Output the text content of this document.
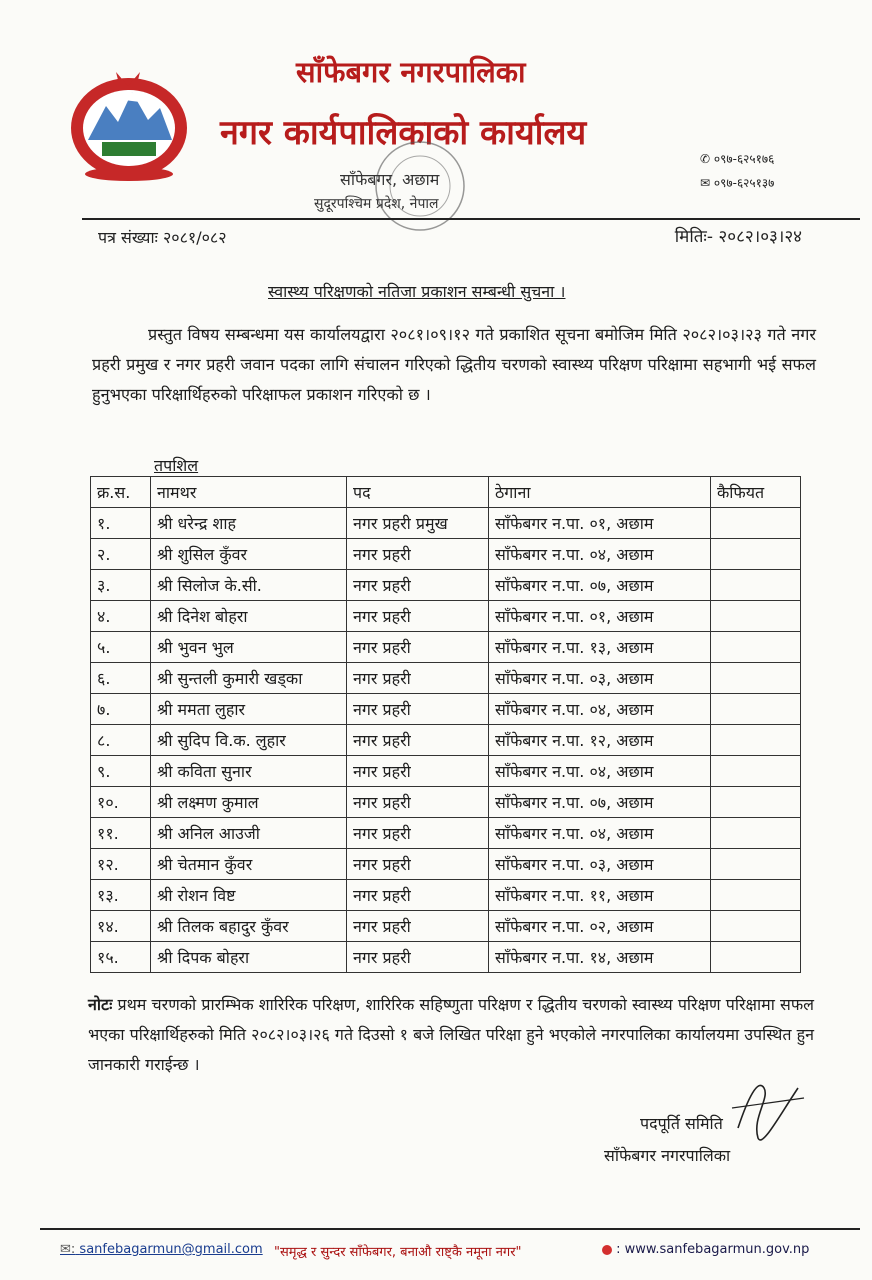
साँफेबगर नगरपालिका
नगर कार्यपालिकाको कार्यालय
✆ ०९७-६२५१७६
✉ ०९७-६२५१३७
साँफेबगर, अछाम
सुदूरपश्चिम प्रदेश, नेपाल
पत्र संख्याः २०८१/०८२	मितिः- २०८२।०३।२४
स्वास्थ्य परिक्षणको नतिजा प्रकाशन सम्बन्धी सुचना ।
प्रस्तुत विषय सम्बन्धमा यस कार्यालयद्वारा २०८१।०९।१२ गते प्रकाशित सूचना बमोजिम मिति २०८२।०३।२३ गते नगर प्रहरी प्रमुख र नगर प्रहरी जवान पदका लागि संचालन गरिएको द्धितीय चरणको स्वास्थ्य परिक्षण परिक्षामा सहभागी भई सफल हुनुभएका परिक्षार्थिहरुको परिक्षाफल प्रकाशन गरिएको छ ।
तपशिल
क्र.स.	नामथर	पद	ठेगाना	कैफियत
१.	श्री धरेन्द्र शाह	नगर प्रहरी प्रमुख	साँफेबगर न.पा. ०१, अछाम	
२.	श्री शुसिल कुँवर	नगर प्रहरी	साँफेबगर न.पा. ०४, अछाम	
३.	श्री सिलोज के.सी.	नगर प्रहरी	साँफेबगर न.पा. ०७, अछाम	
४.	श्री दिनेश बोहरा	नगर प्रहरी	साँफेबगर न.पा. ०१, अछाम	
५.	श्री भुवन भुल	नगर प्रहरी	साँफेबगर न.पा. १३, अछाम	
६.	श्री सुन्तली कुमारी खड्का	नगर प्रहरी	साँफेबगर न.पा. ०३, अछाम	
७.	श्री ममता लुहार	नगर प्रहरी	साँफेबगर न.पा. ०४, अछाम	
८.	श्री सुदिप वि.क. लुहार	नगर प्रहरी	साँफेबगर न.पा. १२, अछाम	
९.	श्री कविता सुनार	नगर प्रहरी	साँफेबगर न.पा. ०४, अछाम	
१०.	श्री लक्ष्मण कुमाल	नगर प्रहरी	साँफेबगर न.पा. ०७, अछाम	
११.	श्री अनिल आउजी	नगर प्रहरी	साँफेबगर न.पा. ०४, अछाम	
१२.	श्री चेतमान कुँवर	नगर प्रहरी	साँफेबगर न.पा. ०३, अछाम	
१३.	श्री रोशन विष्ट	नगर प्रहरी	साँफेबगर न.पा. ११, अछाम	
१४.	श्री तिलक बहादुर कुँवर	नगर प्रहरी	साँफेबगर न.पा. ०२, अछाम	
१५.	श्री दिपक बोहरा	नगर प्रहरी	साँफेबगर न.पा. १४, अछाम	
नोटः प्रथम चरणको प्रारम्भिक शारिरिक परिक्षण, शारिरिक सहिष्णुता परिक्षण र द्धितीय चरणको स्वास्थ्य परिक्षण परिक्षामा सफल भएका परिक्षार्थिहरुको मिति २०८२।०३।२६ गते दिउसो १ बजे लिखित परिक्षा हुने भएकोले नगरपालिका कार्यालयमा उपस्थित हुन जानकारी गराईन्छ ।
पदपूर्ति समिति
साँफेबगर नगरपालिका
✉: sanfebagarmun@gmail.com "समृद्ध र सुन्दर साँफेबगर, बनाऔ राष्ट्कै नमूना नगर"	: www.sanfebagarmun.gov.np
